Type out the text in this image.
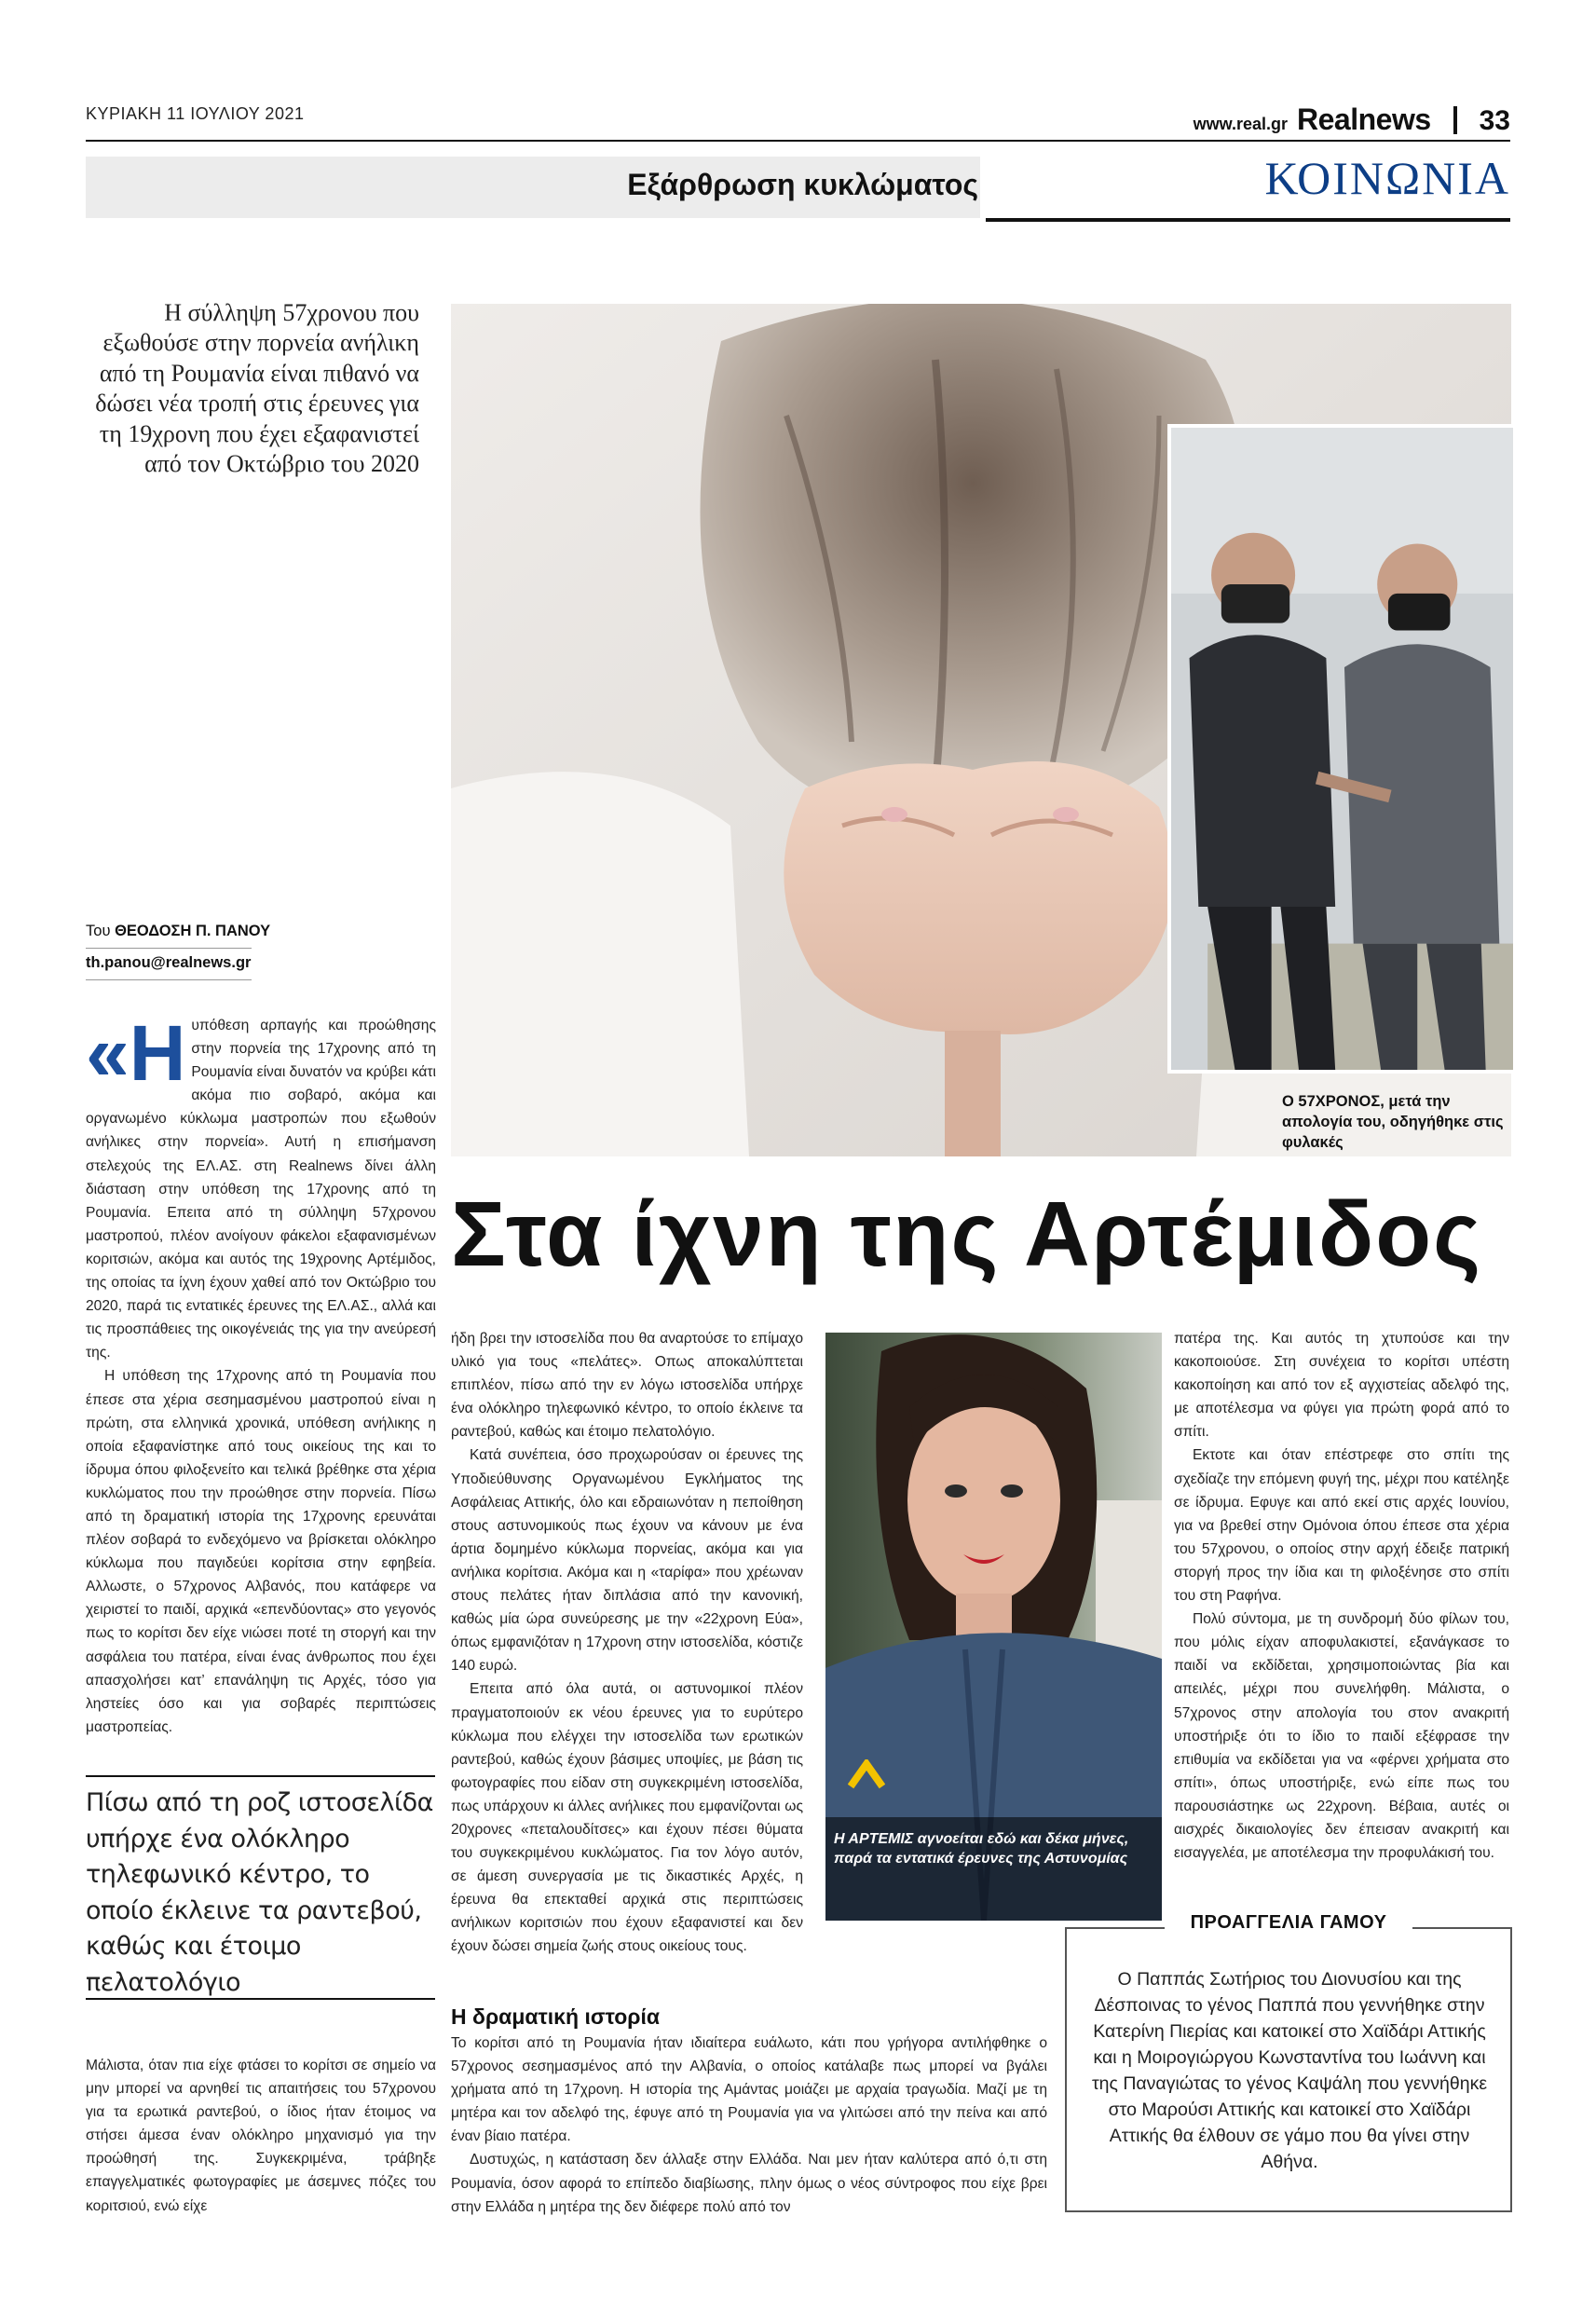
ΚΥΡΙΑΚΗ 11 ΙΟΥΛΙΟΥ 2021
www.real.gr Realnews 33
Εξάρθρωση κυκλώματος	ΚΟΙΝΩΝΙΑ
Η σύλληψη 57χρονου που εξωθούσε στην πορνεία ανήλικη από τη Ρουμανία είναι πιθανό να δώσει νέα τροπή στις έρευνες για τη 19χρονη που έχει εξαφανιστεί από τον Οκτώβριο του 2020
Ο 57ΧΡΟΝΟΣ, μετά την απολογία του, οδηγήθηκε στις φυλακές
Του ΘΕΟΔΟΣΗ Π. ΠΑΝΟΥ
th.panou@realnews.gr

«Η υπόθεση αρπαγής και προώθησης στην πορνεία της 17χρονης από τη Ρουμανία είναι δυνατόν να κρύβει κάτι ακόμα πιο σοβαρό, ακόμα και οργανωμένο κύκλωμα μαστροπών που εξωθούν ανήλικες στην πορνεία». Αυτή η επισήμανση στελεχούς της ΕΛ.ΑΣ. στη Realnews δίνει άλλη διάσταση στην υπόθεση της 17χρονης από τη Ρουμανία. Επειτα από τη σύλληψη 57χρονου μαστροπού, πλέον ανοίγουν φάκελοι εξαφανισμένων κοριτσιών, ακόμα και αυτός της 19χρονης Αρτέμιδος, της οποίας τα ίχνη έχουν χαθεί από τον Οκτώβριο του 2020, παρά τις εντατικές έρευνες της ΕΛ.ΑΣ., αλλά και τις προσπάθειες της οικογένειάς της για την ανεύρεσή της.

Η υπόθεση της 17χρονης από τη Ρουμανία που έπεσε στα χέρια σεσημασμένου μαστροπού είναι η πρώτη, στα ελληνικά χρονικά, υπόθεση ανήλικης η οποία εξαφανίστηκε από τους οικείους της και το ίδρυμα όπου φιλοξενείτο και τελικά βρέθηκε στα χέρια κυκλώματος που την προώθησε στην πορνεία. Πίσω από τη δραματική ιστορία της 17χρονης ερευνάται πλέον σοβαρά το ενδεχόμενο να βρίσκεται ολόκληρο κύκλωμα που παγιδεύει κορίτσια στην εφηβεία. Αλλωστε, ο 57χρονος Αλβανός, που κατάφερε να χειριστεί το παιδί, αρχικά «επενδύοντας» στο γεγονός πως το κορίτσι δεν είχε νιώσει ποτέ τη στοργή και την ασφάλεια του πατέρα, είναι ένας άνθρωπος που έχει απασχολήσει κατ’ επανάληψη τις Αρχές, τόσο για ληστείες όσο και για σοβαρές περιπτώσεις μαστροπείας.

Πίσω από τη ροζ ιστοσελίδα υπήρχε ένα ολόκληρο τηλεφωνικό κέντρο, το οποίο έκλεινε τα ραντεβού, καθώς και έτοιμο πελατολόγιο

Μάλιστα, όταν πια είχε φτάσει το κορίτσι σε σημείο να μην μπορεί να αρνηθεί τις απαιτήσεις του 57χρονου για τα ερωτικά ραντεβού, ο ίδιος ήταν έτοιμος να στήσει άμεσα έναν ολόκληρο μηχανισμό για την προώθησή της. Συγκεκριμένα, τράβηξε επαγγελματικές φωτογραφίες με άσεμνες πόζες του κοριτσιού, ενώ είχε

Στα ίχνη της Αρτέμιδος

ήδη βρει την ιστοσελίδα που θα αναρτούσε το επίμαχο υλικό για τους «πελάτες». Οπως αποκαλύπτεται επιπλέον, πίσω από την εν λόγω ιστοσελίδα υπήρχε ένα ολόκληρο τηλεφωνικό κέντρο, το οποίο έκλεινε τα ραντεβού, καθώς και έτοιμο πελατολόγιο.

Κατά συνέπεια, όσο προχωρούσαν οι έρευνες της Υποδιεύθυνσης Οργανωμένου Εγκλήματος της Ασφάλειας Αττικής, όλο και εδραιωνόταν η πεποίθηση στους αστυνομικούς πως έχουν να κάνουν με ένα άρτια δομημένο κύκλωμα πορνείας, ακόμα και για ανήλικα κορίτσια. Ακόμα και η «ταρίφα» που χρέωναν στους πελάτες ήταν διπλάσια από την κανονική, καθώς μία ώρα συνεύρεσης με την «22χρονη Εύα», όπως εμφανιζόταν η 17χρονη στην ιστοσελίδα, κόστιζε 140 ευρώ.

Επειτα από όλα αυτά, οι αστυνομικοί πλέον πραγματοποιούν εκ νέου έρευνες για το ευρύτερο κύκλωμα που ελέγχει την ιστοσελίδα των ερωτικών ραντεβού, καθώς έχουν βάσιμες υποψίες, με βάση τις φωτογραφίες που είδαν στη συγκεκριμένη ιστοσελίδα, πως υπάρχουν κι άλλες ανήλικες που εμφανίζονται ως 20χρονες «πεταλουδίτσες» και έχουν πέσει θύματα του συγκεκριμένου κυκλώματος. Για τον λόγο αυτόν, σε άμεση συνεργασία με τις δικαστικές Αρχές, η έρευνα θα επεκταθεί αρχικά στις περιπτώσεις ανήλικων κοριτσιών που έχουν εξαφανιστεί και δεν έχουν δώσει σημεία ζωής στους οικείους τους.

Η δραματική ιστορία

Το κορίτσι από τη Ρουμανία ήταν ιδιαίτερα ευάλωτο, κάτι που γρήγορα αντιλήφθηκε ο 57χρονος σεσημασμένος από την Αλβανία, ο οποίος κατάλαβε πως μπορεί να βγάλει χρήματα από τη 17χρονη. Η ιστορία της Αμάντας μοιάζει με αρχαία τραγωδία. Μαζί με τη μητέρα και τον αδελφό της, έφυγε από τη Ρουμανία για να γλιτώσει από την πείνα και από έναν βίαιο πατέρα.

Δυστυχώς, η κατάσταση δεν άλλαξε στην Ελλάδα. Ναι μεν ήταν καλύτερα από ό,τι στη Ρουμανία, όσον αφορά το επίπεδο διαβίωσης, πλην όμως ο νέος σύντροφος που είχε βρει στην Ελλάδα η μητέρα της δεν διέφερε πολύ από τον

Η ΑΡΤΕΜΙΣ αγνοείται εδώ και δέκα μήνες, παρά τα εντατικά έρευνες της Αστυνομίας

πατέρα της. Και αυτός τη χτυπούσε και την κακοποιούσε. Στη συνέχεια το κορίτσι υπέστη κακοποίηση και από τον εξ αγχιστείας αδελφό της, με αποτέλεσμα να φύγει για πρώτη φορά από το σπίτι.

Εκτοτε και όταν επέστρεφε στο σπίτι της σχεδίαζε την επόμενη φυγή της, μέχρι που κατέληξε σε ίδρυμα. Εφυγε και από εκεί στις αρχές Ιουνίου, για να βρεθεί στην Ομόνοια όπου έπεσε στα χέρια του 57χρονου, ο οποίος στην αρχή έδειξε πατρική στοργή προς την ίδια και τη φιλοξένησε στο σπίτι του στη Ραφήνα.

Πολύ σύντομα, με τη συνδρομή δύο φίλων του, που μόλις είχαν αποφυλακιστεί, εξανάγκασε το παιδί να εκδίδεται, χρησιμοποιώντας βία και απειλές, μέχρι που συνελήφθη. Μάλιστα, ο 57χρονος στην απολογία του στον ανακριτή υποστήριξε ότι το ίδιο το παιδί εξέφρασε την επιθυμία να εκδίδεται για να «φέρνει χρήματα στο σπίτι», όπως υποστήριξε, ενώ είπε πως του παρουσιάστηκε ως 22χρονη. Βέβαια, αυτές οι αισχρές δικαιολογίες δεν έπεισαν ανακριτή και εισαγγελέα, με αποτέλεσμα την προφυλάκισή του.

ΠΡΟΑΓΓΕΛΙΑ ΓΑΜΟΥ
Ο Παππάς Σωτήριος του Διονυσίου και της Δέσποινας το γένος Παππά που γεννήθηκε στην Κατερίνη Πιερίας και κατοικεί στο Χαϊδάρι Αττικής και η Μοιρογιώργου Κωνσταντίνα του Ιωάννη και της Παναγιώτας το γένος Καψάλη που γεννήθηκε στο Μαρούσι Αττικής και κατοικεί στο Χαϊδάρι Αττικής θα έλθουν σε γάμο που θα γίνει στην Αθήνα.
